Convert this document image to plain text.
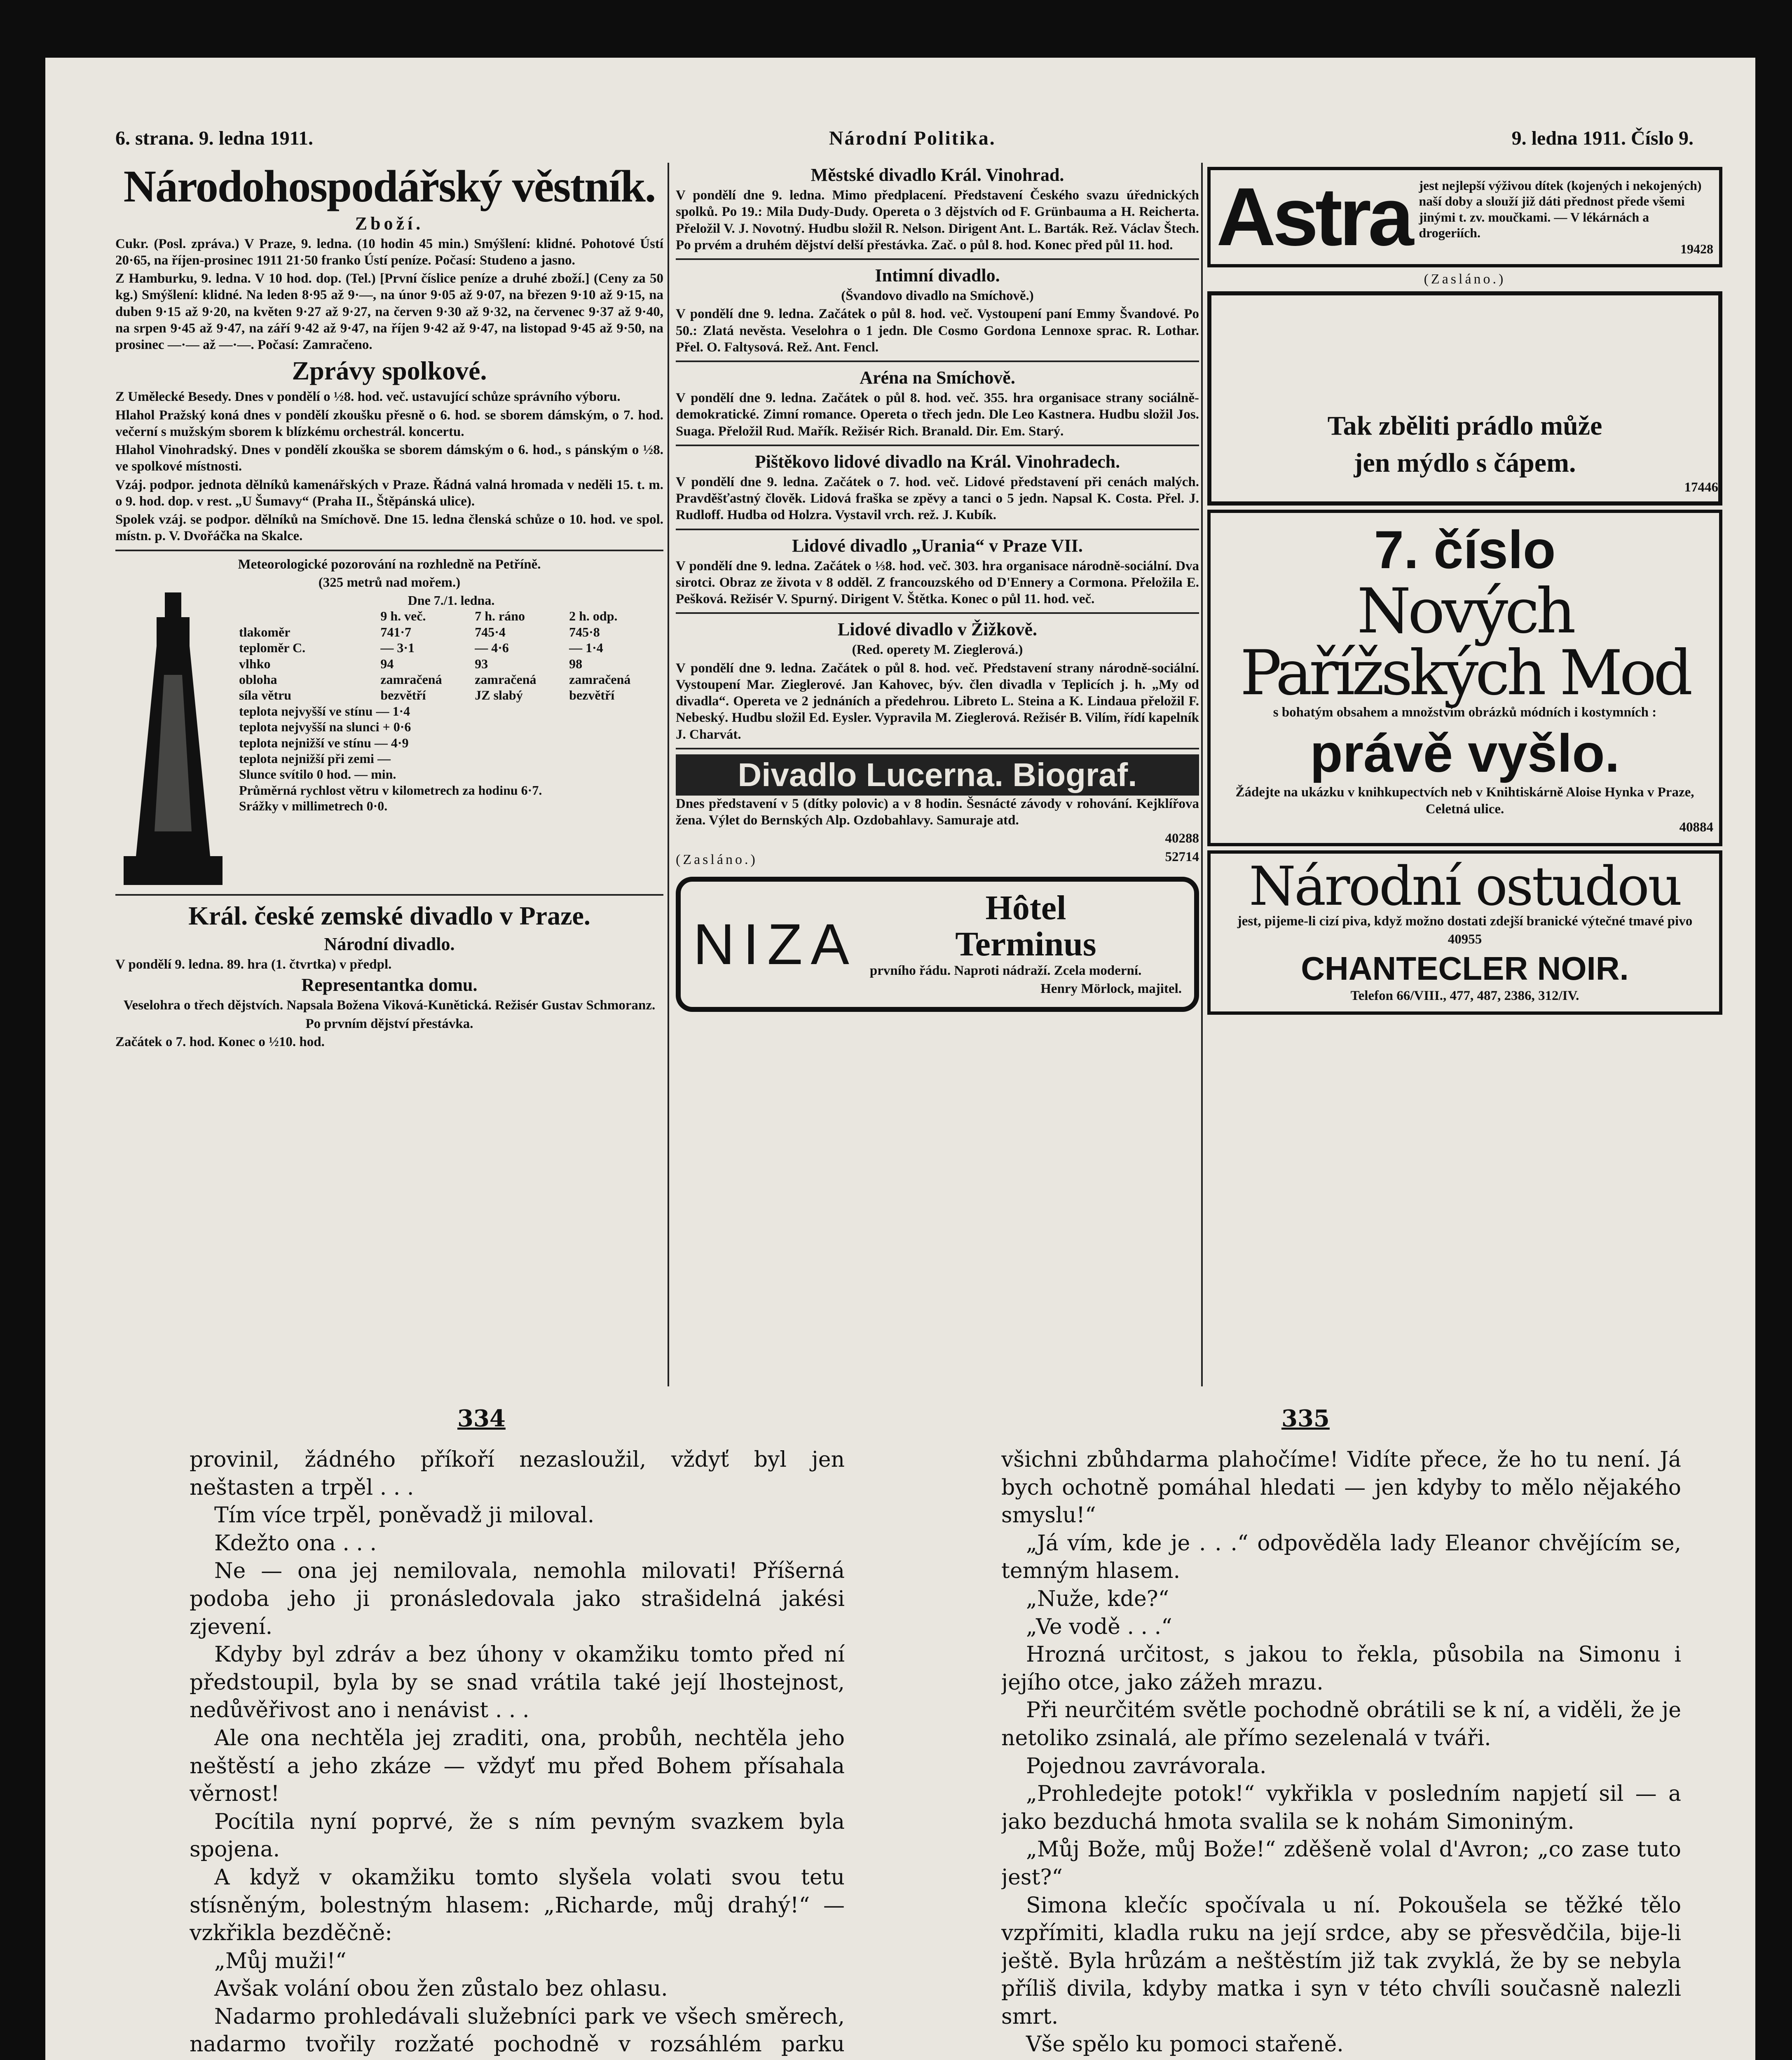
6. strana. 9. ledna 1911.	Národní Politika.	9. ledna 1911. Číslo 9.
Národohospodářský věstník.
Zboží.

Cukr. (Posl. zpráva.) V Praze, 9. ledna. (10 hodin 45 min.) Smýšlení: klidné. Pohotové Ústí 20·65, na říjen-prosinec 1911 21·50 franko Ústí peníze. Počasí: Studeno a jasno.

Z Hamburku, 9. ledna. V 10 hod. dop. (Tel.) [První číslice peníze a druhé zboží.] (Ceny za 50 kg.) Smýšlení: klidné. Na leden 8·95 až 9·—, na únor 9·05 až 9·07, na březen 9·10 až 9·15, na duben 9·15 až 9·20, na květen 9·27 až 9·27, na červen 9·30 až 9·32, na červenec 9·37 až 9·40, na srpen 9·45 až 9·47, na září 9·42 až 9·47, na říjen 9·42 až 9·47, na listopad 9·45 až 9·50, na prosinec —·— až —·—. Počasí: Zamračeno.

Zprávy spolkové.

Z Umělecké Besedy. Dnes v pondělí o ½8. hod. več. ustavující schůze správního výboru.

Hlahol Pražský koná dnes v pondělí zkoušku přesně o 6. hod. se sborem dámským, o 7. hod. večerní s mužským sborem k blízkému orchestrál. koncertu.

Hlahol Vinohradský. Dnes v pondělí zkouška se sborem dámským o 6. hod., s pánským o ½8. ve spolkové místnosti.

Vzáj. podpor. jednota dělníků kamenářských v Praze. Řádná valná hromada v neděli 15. t. m. o 9. hod. dop. v rest. „U Šumavy“ (Praha II., Štěpánská ulice).

Spolek vzáj. se podpor. dělníků na Smíchově. Dne 15. ledna členská schůze o 10. hod. ve spol. místn. p. V. Dvořáčka na Skalce.

Meteorologické pozorování na rozhledně na Petříně.

(325 metrů nad mořem.)

Dne 7./1. ledna.
9 h. več.	7 h. ráno	2 h. odp.
tlakoměr	741·7	745·4	745·8
teploměr C.	— 3·1	— 4·6	— 1·4
vlhko	94	93	98
obloha	zamračená	zamračená	zamračená
síla větru	bezvětří	JZ slabý	bezvětří
teplota nejvyšší ve stínu — 1·4
teplota nejvyšší na slunci + 0·6
teplota nejnižší ve stínu — 4·9
teplota nejnižší při zemi —
Slunce svítilo 0 hod. — min.
Průměrná rychlost větru v kilometrech za hodinu 6·7.
Srážky v millimetrech 0·0.
Král. české zemské divadlo v Praze.
Národní divadlo.

V pondělí 9. ledna. 89. hra (1. čtvrtka) v předpl.

Representantka domu.

Veselohra o třech dějstvích. Napsala Božena Viková-Kunětická. Režisér Gustav Schmoranz.

Po prvním dějství přestávka.

Začátek o 7. hod. Konec o ½10. hod.

Městské divadlo Král. Vinohrad.

V pondělí dne 9. ledna. Mimo předplacení. Představení Českého svazu úřednických spolků. Po 19.: Mila Dudy-Dudy. Opereta o 3 dějstvích od F. Grünbauma a H. Reicherta. Přeložil V. J. Novotný. Hudbu složil R. Nelson. Dirigent Ant. L. Barták. Rež. Václav Štech. Po prvém a druhém dějství delší přestávka. Zač. o půl 8. hod. Konec před půl 11. hod.

Intimní divadlo.

(Švandovo divadlo na Smíchově.)

V pondělí dne 9. ledna. Začátek o půl 8. hod. več. Vystoupení paní Emmy Švandové. Po 50.: Zlatá nevěsta. Veselohra o 1 jedn. Dle Cosmo Gordona Lennoxe sprac. R. Lothar. Přel. O. Faltysová. Rež. Ant. Fencl.

Aréna na Smíchově.

V pondělí dne 9. ledna. Začátek o půl 8. hod. več. 355. hra organisace strany sociálně-demokratické. Zimní romance. Opereta o třech jedn. Dle Leo Kastnera. Hudbu složil Jos. Suaga. Přeložil Rud. Mařík. Režisér Rich. Branald. Dir. Em. Starý.

Pištěkovo lidové divadlo na Král. Vinohradech.

V pondělí dne 9. ledna. Začátek o 7. hod. več. Lidové představení při cenách malých. Pravděšťastný člověk. Lidová fraška se zpěvy a tanci o 5 jedn. Napsal K. Costa. Přel. J. Rudloff. Hudba od Holzra. Vystavil vrch. rež. J. Kubík.

Lidové divadlo „Urania“ v Praze VII.

V pondělí dne 9. ledna. Začátek o ⅓8. hod. več. 303. hra organisace národně-sociální. Dva sirotci. Obraz ze života v 8 odděl. Z francouzského od D'Ennery a Cormona. Přeložila E. Pešková. Režisér V. Spurný. Dirigent V. Štětka. Konec o půl 11. hod. več.

Lidové divadlo v Žižkově.

(Red. operety M. Zieglerová.)

V pondělí dne 9. ledna. Začátek o půl 8. hod. več. Představení strany národně-sociální. Vystoupení Mar. Zieglerové. Jan Kahovec, býv. člen divadla v Teplicích j. h. „My od divadla“. Opereta ve 2 jednáních a předehrou. Libreto L. Steina a K. Lindaua přeložil F. Nebeský. Hudbu složil Ed. Eysler. Vypravila M. Zieglerová. Režisér B. Vilím, řídí kapelník J. Charvát.

Divadlo Lucerna. Biograf.

Dnes představení v 5 (dítky polovic) a v 8 hodin. Šesnácté závody v rohování. Kejklířova žena. Výlet do Bernských Alp. Ozdobahlavy. Samuraje atd.

40288

(Zasláno.)	52714
NIZA
Hôtel
Terminus

prvního řádu. Naproti nádraží. Zcela moderní.

Henry Mörlock, majitel.

Astra jest nejlepší výživou dítek (kojených i nekojených) naší doby a slouží již dáti přednost přede všemi jinými t. zv. moučkami. — V lékárnách a drogeriích.
19428
(Zasláno.)
Tak zběliti prádlo může
jen mýdlo s čápem.
17446
7. číslo
Nových Pařížských Mod

s bohatým obsahem a množstvím obrázků módních i kostymních :

právě vyšlo.

Žádejte na ukázku v knihkupectvích neb v Knihtiskárně Aloise Hynka v Praze, Celetná ulice.

40884

Národní ostudou

jest, pijeme-li cizí piva, když možno dostati zdejší branické výtečné tmavé pivo

40955

CHANTECLER NOIR.

Telefon 66/VIII., 477, 487, 2386, 312/IV.

334	335

provinil, žádného příkoří nezasloužil, vždyť byl jen neštasten a trpěl . . .

Tím více trpěl, poněvadž ji miloval.

Kdežto ona . . .

Ne — ona jej nemilovala, nemohla milovati! Příšerná podoba jeho ji pronásledovala jako strašidelná jakési zjevení.

Kdyby byl zdráv a bez úhony v okamžiku tomto před ní předstoupil, byla by se snad vrátila také její lhostejnost, nedůvěřivost ano i nenávist . . .

Ale ona nechtěla jej zraditi, ona, probůh, nechtěla jeho neštěstí a jeho zkáze — vždyť mu před Bohem přísahala věrnost!

Pocítila nyní poprvé, že s ním pevným svazkem byla spojena.

A když v okamžiku tomto slyšela volati svou tetu stísněným, bolestným hlasem: „Richarde, můj drahý!“ — vzkřikla bezděčně:

„Můj muži!“

Avšak volání obou žen zůstalo bez ohlasu.

Nadarmo prohledávali služebníci park ve všech směrech, nadarmo tvořily rozžaté pochodně v rozsáhlém parku

všichni zbůhdarma plahočíme! Vidíte přece, že ho tu není. Já bych ochotně pomáhal hledati — jen kdyby to mělo nějakého smyslu!“

„Já vím, kde je . . .“ odpověděla lady Eleanor chvějícím se, temným hlasem.

„Nuže, kde?“

„Ve vodě . . .“

Hrozná určitost, s jakou to řekla, působila na Simonu i jejího otce, jako zážeh mrazu.

Při neurčitém světle pochodně obrátili se k ní, a viděli, že je netoliko zsinalá, ale přímo sezelenalá v tváři.

Pojednou zavrávorala.

„Prohledejte potok!“ vykřikla v posledním napjetí sil — a jako bezduchá hmota svalila se k nohám Simoniným.

„Můj Bože, můj Bože!“ zděšeně volal d'Avron; „co zase tuto jest?“

Simona klečíc spočívala u ní. Pokoušela se těžké tělo vzpřímiti, kladla ruku na její srdce, aby se přesvědčila, bije-li ještě. Byla hrůzám a neštěstím již tak zvyklá, že by se nebyla příliš divila, kdyby matka i syn v této chvíli současně nalezli smrt.

Vše spělo ku pomoci stařeně.
